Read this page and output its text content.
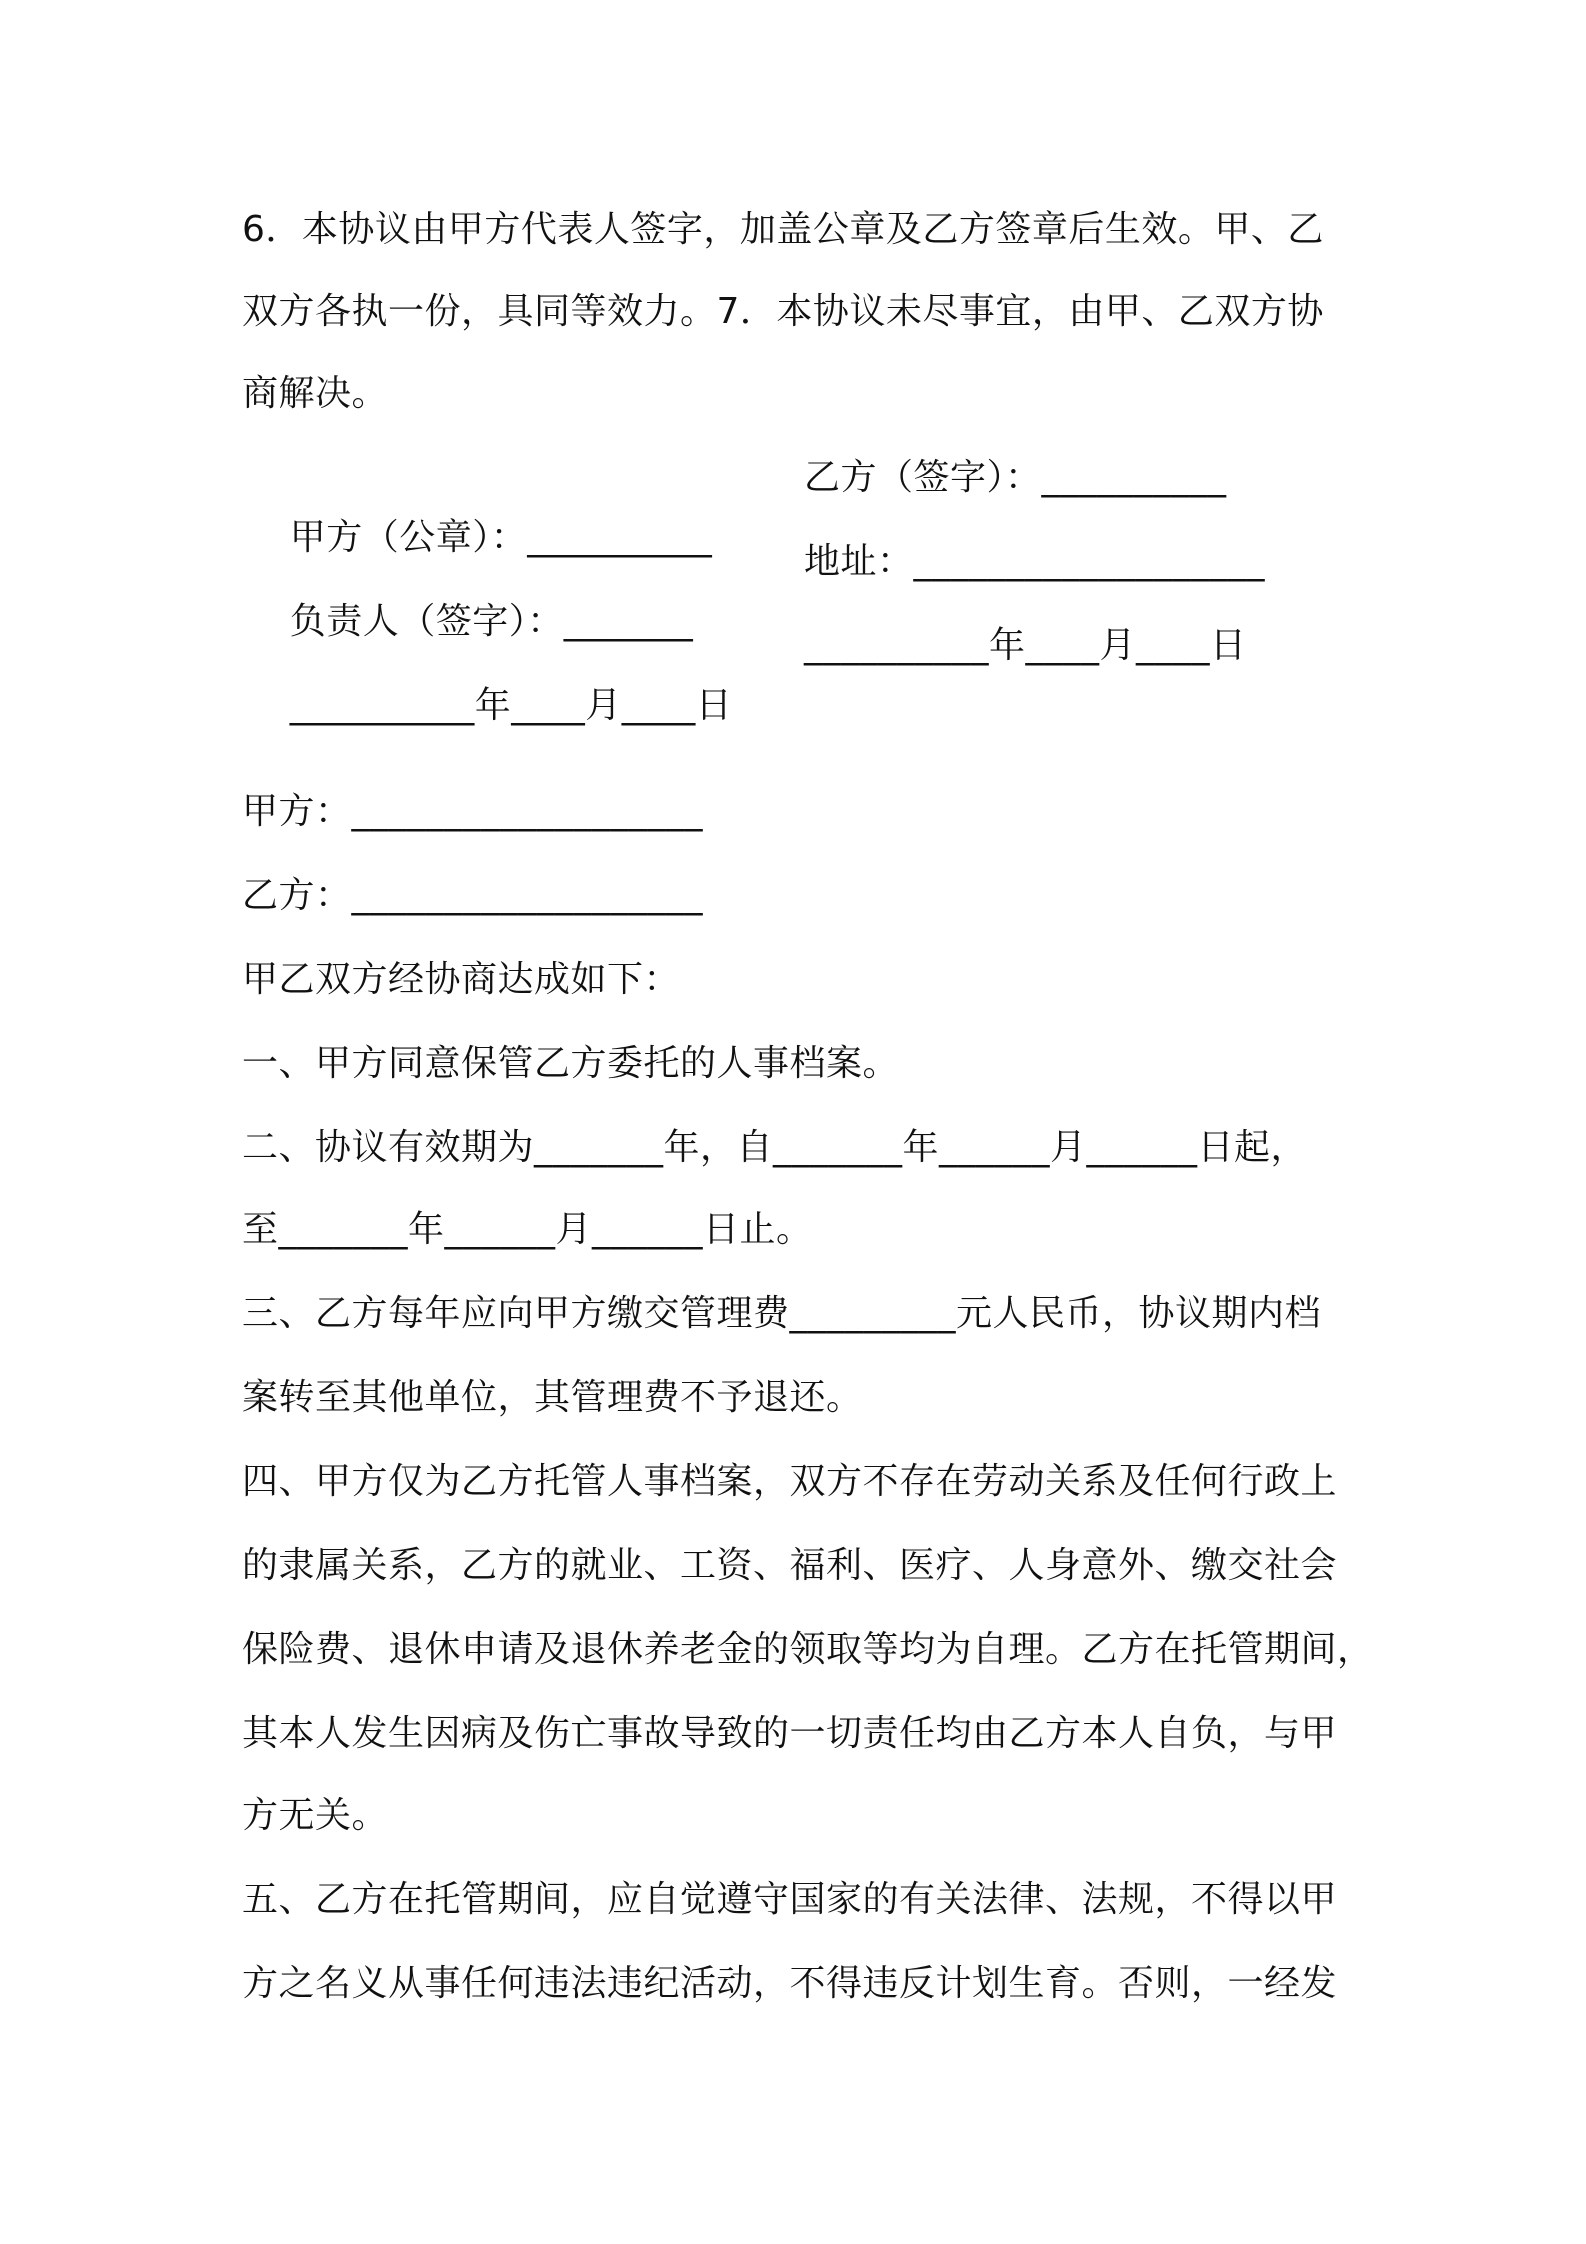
6．本协议由甲方代表人签字，加盖公章及乙方签章后生效。甲、乙
双方各执一份，具同等效力。7．本协议未尽事宜，由甲、乙双方协
商解决。

甲方（公章）：__________

乙方（签字）：__________

负责人（签字）：_______

地址：___________________

__________年____月____日

__________年____月____日

甲方：___________________
乙方：___________________
甲乙双方经协商达成如下：
一、甲方同意保管乙方委托的人事档案。
二、协议有效期为_______年，自_______年______月______日起，
至_______年______月______日止。
三、乙方每年应向甲方缴交管理费_________元人民币，协议期内档
案转至其他单位，其管理费不予退还。
四、甲方仅为乙方托管人事档案，双方不存在劳动关系及任何行政上
的隶属关系，乙方的就业、工资、福利、医疗、人身意外、缴交社会
保险费、退休申请及退休养老金的领取等均为自理。乙方在托管期间，
其本人发生因病及伤亡事故导致的一切责任均由乙方本人自负，与甲
方无关。
五、乙方在托管期间，应自觉遵守国家的有关法律、法规，不得以甲
方之名义从事任何违法违纪活动，不得违反计划生育。否则，一经发
